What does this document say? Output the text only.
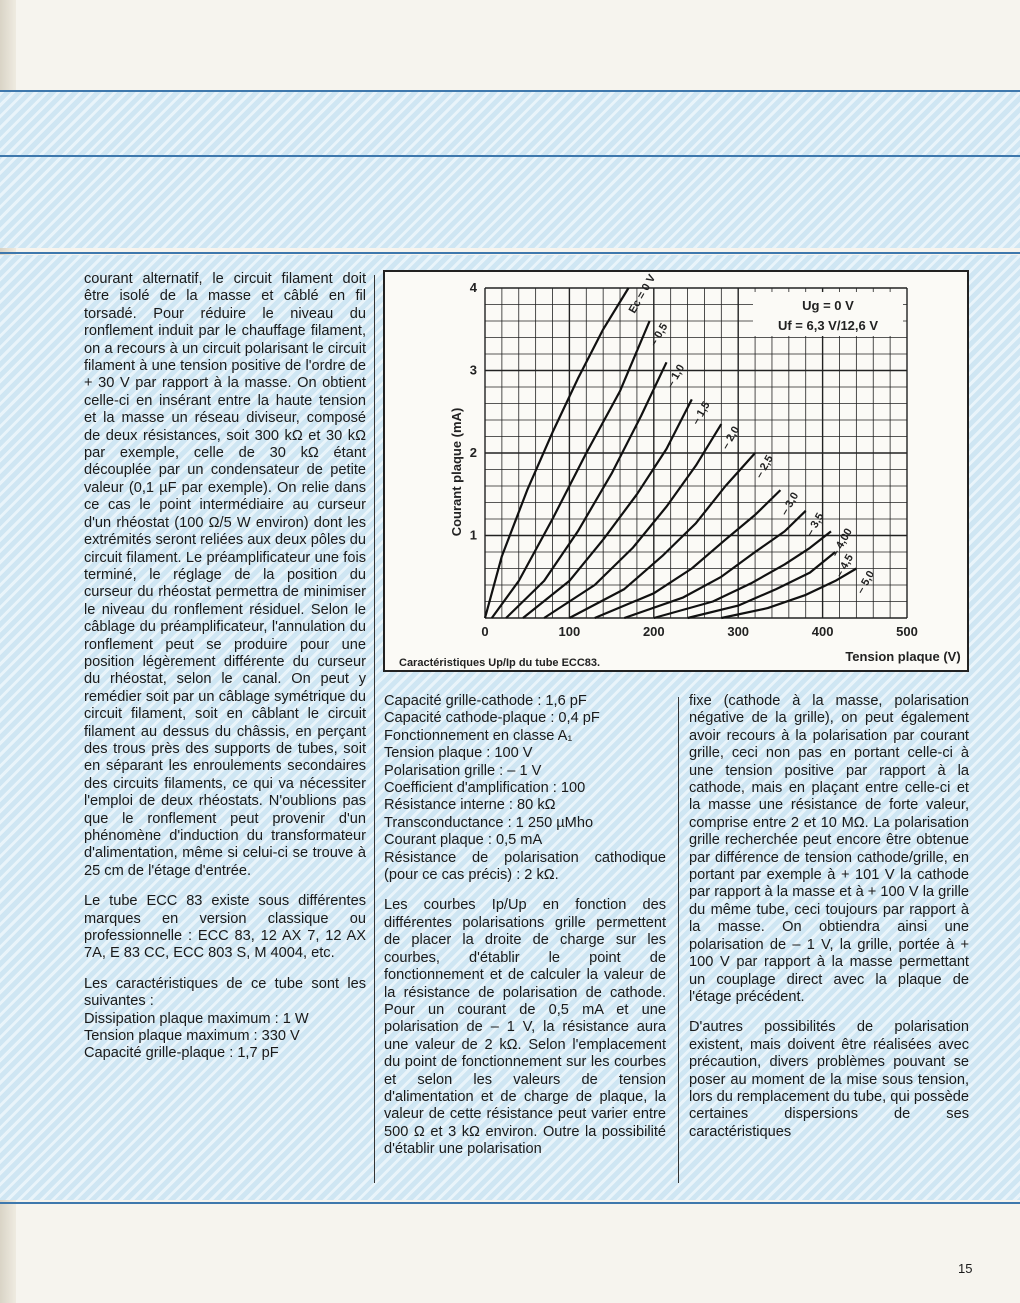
courant alternatif, le circuit filament doit être isolé de la masse et câblé en fil torsadé. Pour réduire le niveau du ronflement induit par le chauffage filament, on a recours à un circuit polarisant le circuit filament à une tension positive de l'ordre de + 30 V par rapport à la masse. On obtient celle-ci en insérant entre la haute tension et la masse un réseau diviseur, composé de deux résistances, soit 300 kΩ et 30 kΩ par exemple, celle de 30 kΩ étant découplée par un condensateur de petite valeur (0,1 µF par exemple). On relie dans ce cas le point intermédiaire au curseur d'un rhéostat (100 Ω/5 W environ) dont les extrémités seront reliées aux deux pôles du circuit filament. Le préamplificateur une fois terminé, le réglage de la position du curseur du rhéostat permettra de minimiser le niveau du ronflement résiduel. Selon le câblage du préamplificateur, l'annulation du ronflement peut se produire pour une position légèrement différente du curseur du rhéostat, selon le canal. On peut y remédier soit par un câblage symétrique du circuit filament, soit en câblant le circuit filament au dessus du châssis, en perçant des trous près des supports de tubes, soit en séparant les enroulements secondaires des circuits filaments, ce qui va nécessiter l'emploi de deux rhéostats. N'oublions pas que le ronflement peut provenir d'un phénomène d'induction du transformateur d'alimentation, même si celui-ci se trouve à 25 cm de l'étage d'entrée.

Le tube ECC 83 existe sous différentes marques en version classique ou professionnelle : ECC 83, 12 AX 7, 12 AX 7A, E 83 CC, ECC 803 S, M 4004, etc.

Les caractéristiques de ce tube sont les suivantes :
Dissipation plaque maximum : 1 W
Tension plaque maximum : 330 V
Capacité grille-plaque : 1,7 pF

Courant plaque (mA)
Tension plaque (V)
Caractéristiques Up/Ip du tube ECC83.
0	100	200	300	400	500
1
2
3
4
Ug = 0 V
Uf = 6,3 V/12,6 V
Ec = 0 V
– 0,5
– 1,0
– 1,5
– 2,0
– 2,5
– 3,0
– 3,5
– 4,00
– 4,5
– 5,0

Capacité grille-cathode : 1,6 pF
Capacité cathode-plaque : 0,4 pF
Fonctionnement en classe A₁
Tension plaque : 100 V
Polarisation grille : – 1 V
Coefficient d'amplification : 100
Résistance interne : 80 kΩ
Transconductance : 1 250 µMho
Courant plaque : 0,5 mA
Résistance de polarisation cathodique (pour ce cas précis) : 2 kΩ.

Les courbes Ip/Up en fonction des différentes polarisations grille permettent de placer la droite de charge sur les courbes, d'établir le point de fonctionnement et de calculer la valeur de la résistance de polarisation de cathode. Pour un courant de 0,5 mA et une polarisation de – 1 V, la résistance aura une valeur de 2 kΩ. Selon l'emplacement du point de fonctionnement sur les courbes et selon les valeurs de tension d'alimentation et de charge de plaque, la valeur de cette résistance peut varier entre 500 Ω et 3 kΩ environ. Outre la possibilité d'établir une polarisation

fixe (cathode à la masse, polarisation négative de la grille), on peut également avoir recours à la polarisation par courant grille, ceci non pas en portant celle-ci à une tension positive par rapport à la cathode, mais en plaçant entre celle-ci et la masse une résistance de forte valeur, comprise entre 2 et 10 MΩ. La polarisation grille recherchée peut encore être obtenue par différence de tension cathode/grille, en portant par exemple à + 101 V la cathode par rapport à la masse et à + 100 V la grille du même tube, ceci toujours par rapport à la masse. On obtiendra ainsi une polarisation de – 1 V, la grille, portée à + 100 V par rapport à la masse permettant un couplage direct avec la plaque de l'étage précédent.

D'autres possibilités de polarisation existent, mais doivent être réalisées avec précaution, divers problèmes pouvant se poser au moment de la mise sous tension, lors du remplacement du tube, qui possède certaines dispersions de ses caractéristiques

15
